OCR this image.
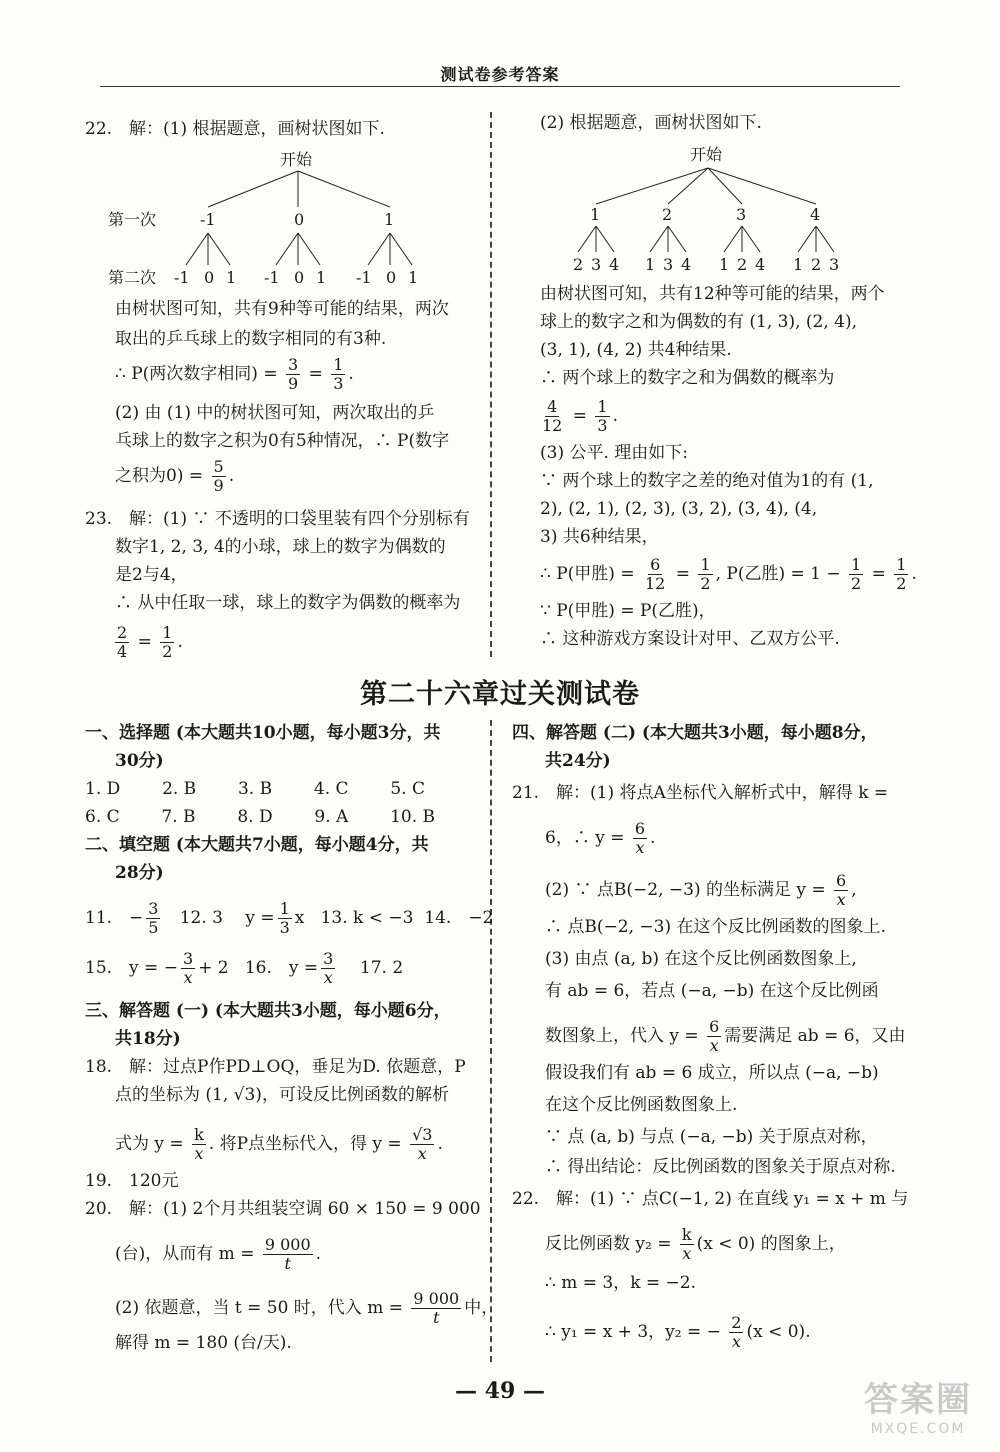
测试卷参考答案
22.　解：(1) 根据题意，画树状图如下.
开始
第一次	-1	0	1
第二次 -1 0 1 -1 0 1 -1 0 1
由树状图可知，共有9种等可能的结果，两次
取出的乒乓球上的数字相同的有3种.
∴ P(两次数字相同) = $\frac{3}{9} = \frac{1}{3}$ .
(2) 由 (1) 中的树状图可知，两次取出的乒
乓球上的数字之积为0有5种情况，∴ P(数字
之积为$0) = \frac{5}{9}$ .
23.　解：(1) ∵ 不透明的口袋里装有四个分别标有
数字1, 2, 3, 4的小球，球上的数字为偶数的
是2与4，
∴ 从中任取一球，球上的数字为偶数的概率为
$\frac{2}{4} = \frac{1}{2}$ .
(2) 根据题意，画树状图如下.
开始
1	2	3	4
2 3 4 1 3 4 1 2 4 1 2 3
由树状图可知，共有12种等可能的结果，两个
球上的数字之和为偶数的有 (1, 3), (2, 4),
(3, 1), (4, 2) 共4种结果.
∴ 两个球上的数字之和为偶数的概率为
$\frac{4}{12} = \frac{1}{3}$ .
(3) 公平. 理由如下:
∵ 两个球上的数字之差的绝对值为1的有 (1,
2), (2, 1), (2, 3), (3, 2), (3, 4), (4,
3) 共6种结果，
∴ P(甲胜) = $\frac{6}{12} = \frac{1}{2}$ , P(乙胜) = $1 - \frac{1}{2} = \frac{1}{2}$ .
∵ P(甲胜) = P(乙胜)，
∴ 这种游戏方案设计对甲、乙双方公平.
第二十六章过关测试卷
一、选择题 (本大题共10小题，每小题3分，共
30分)
1. D 2. B 3. B 4. C 5. C
6. C 7. B 8. D 9. A 10. B
二、填空题 (本大题共7小题，每小题4分，共
28分)
11.　− $\frac{3}{5} 12$. 3　 $y = \frac{1}{3}$ x 13. k < −3 14.　−2
15.　y = − $\frac{3}{x} + 2$ 16.　$y = \frac{3}{x} 17$. 2
三、解答题 (一) (本大题共3小题，每小题6分，
共18分)
18.　解：过点P作PD⊥OQ，垂足为D. 依题意，P
点的坐标为 (1, √3)，可设反比例函数的解析
式为 $y = \frac{k}{x}$ . 将P点坐标代入，得 $y = \frac{√3}{x}$ .
19.　120元
20.　解：(1) 2个月共组装空调 60 × 150 = 9 000
(台)，从而有 $m = \frac{9 000}{t}$ .
(2) 依题意，当 t = 50 时，代入 $m = \frac{9 000}{t}$ 中，
解得 m = 180 (台/天).
四、解答题 (二) (本大题共3小题，每小题8分，
共24分)
21.　解：(1) 将点A坐标代入解析式中，解得 k =
6，∴ $y = \frac{6}{x}$ .
(2) ∵ 点B(−2, −3) 的坐标满足 $y = \frac{6}{x}$ ,
∴ 点B(−2, −3) 在这个反比例函数的图象上.
(3) 由点 (a, b) 在这个反比例函数图象上,
有 ab = 6，若点 (−a, −b) 在这个反比例函
数图象上，代入 $y = \frac{6}{x}$ 需要满足 ab = 6，又由
假设我们有 ab = 6 成立，所以点 (−a, −b)
在这个反比例函数图象上.
∵ 点 (a, b) 与点 (−a, −b) 关于原点对称，
∴ 得出结论：反比例函数的图象关于原点对称.
22.　解：(1) ∵ 点C(−1, 2) 在直线 y₁ = x + m 与
反比例函数 $y_2 = \frac{k}{x} (x < 0)$ 的图象上，
∴ m = 3，k = −2.
∴ y₁ = x + 3，y₂ = − $\frac{2}{x} (x < 0)$.
— 49 —	答案圈
MXQE.COM
